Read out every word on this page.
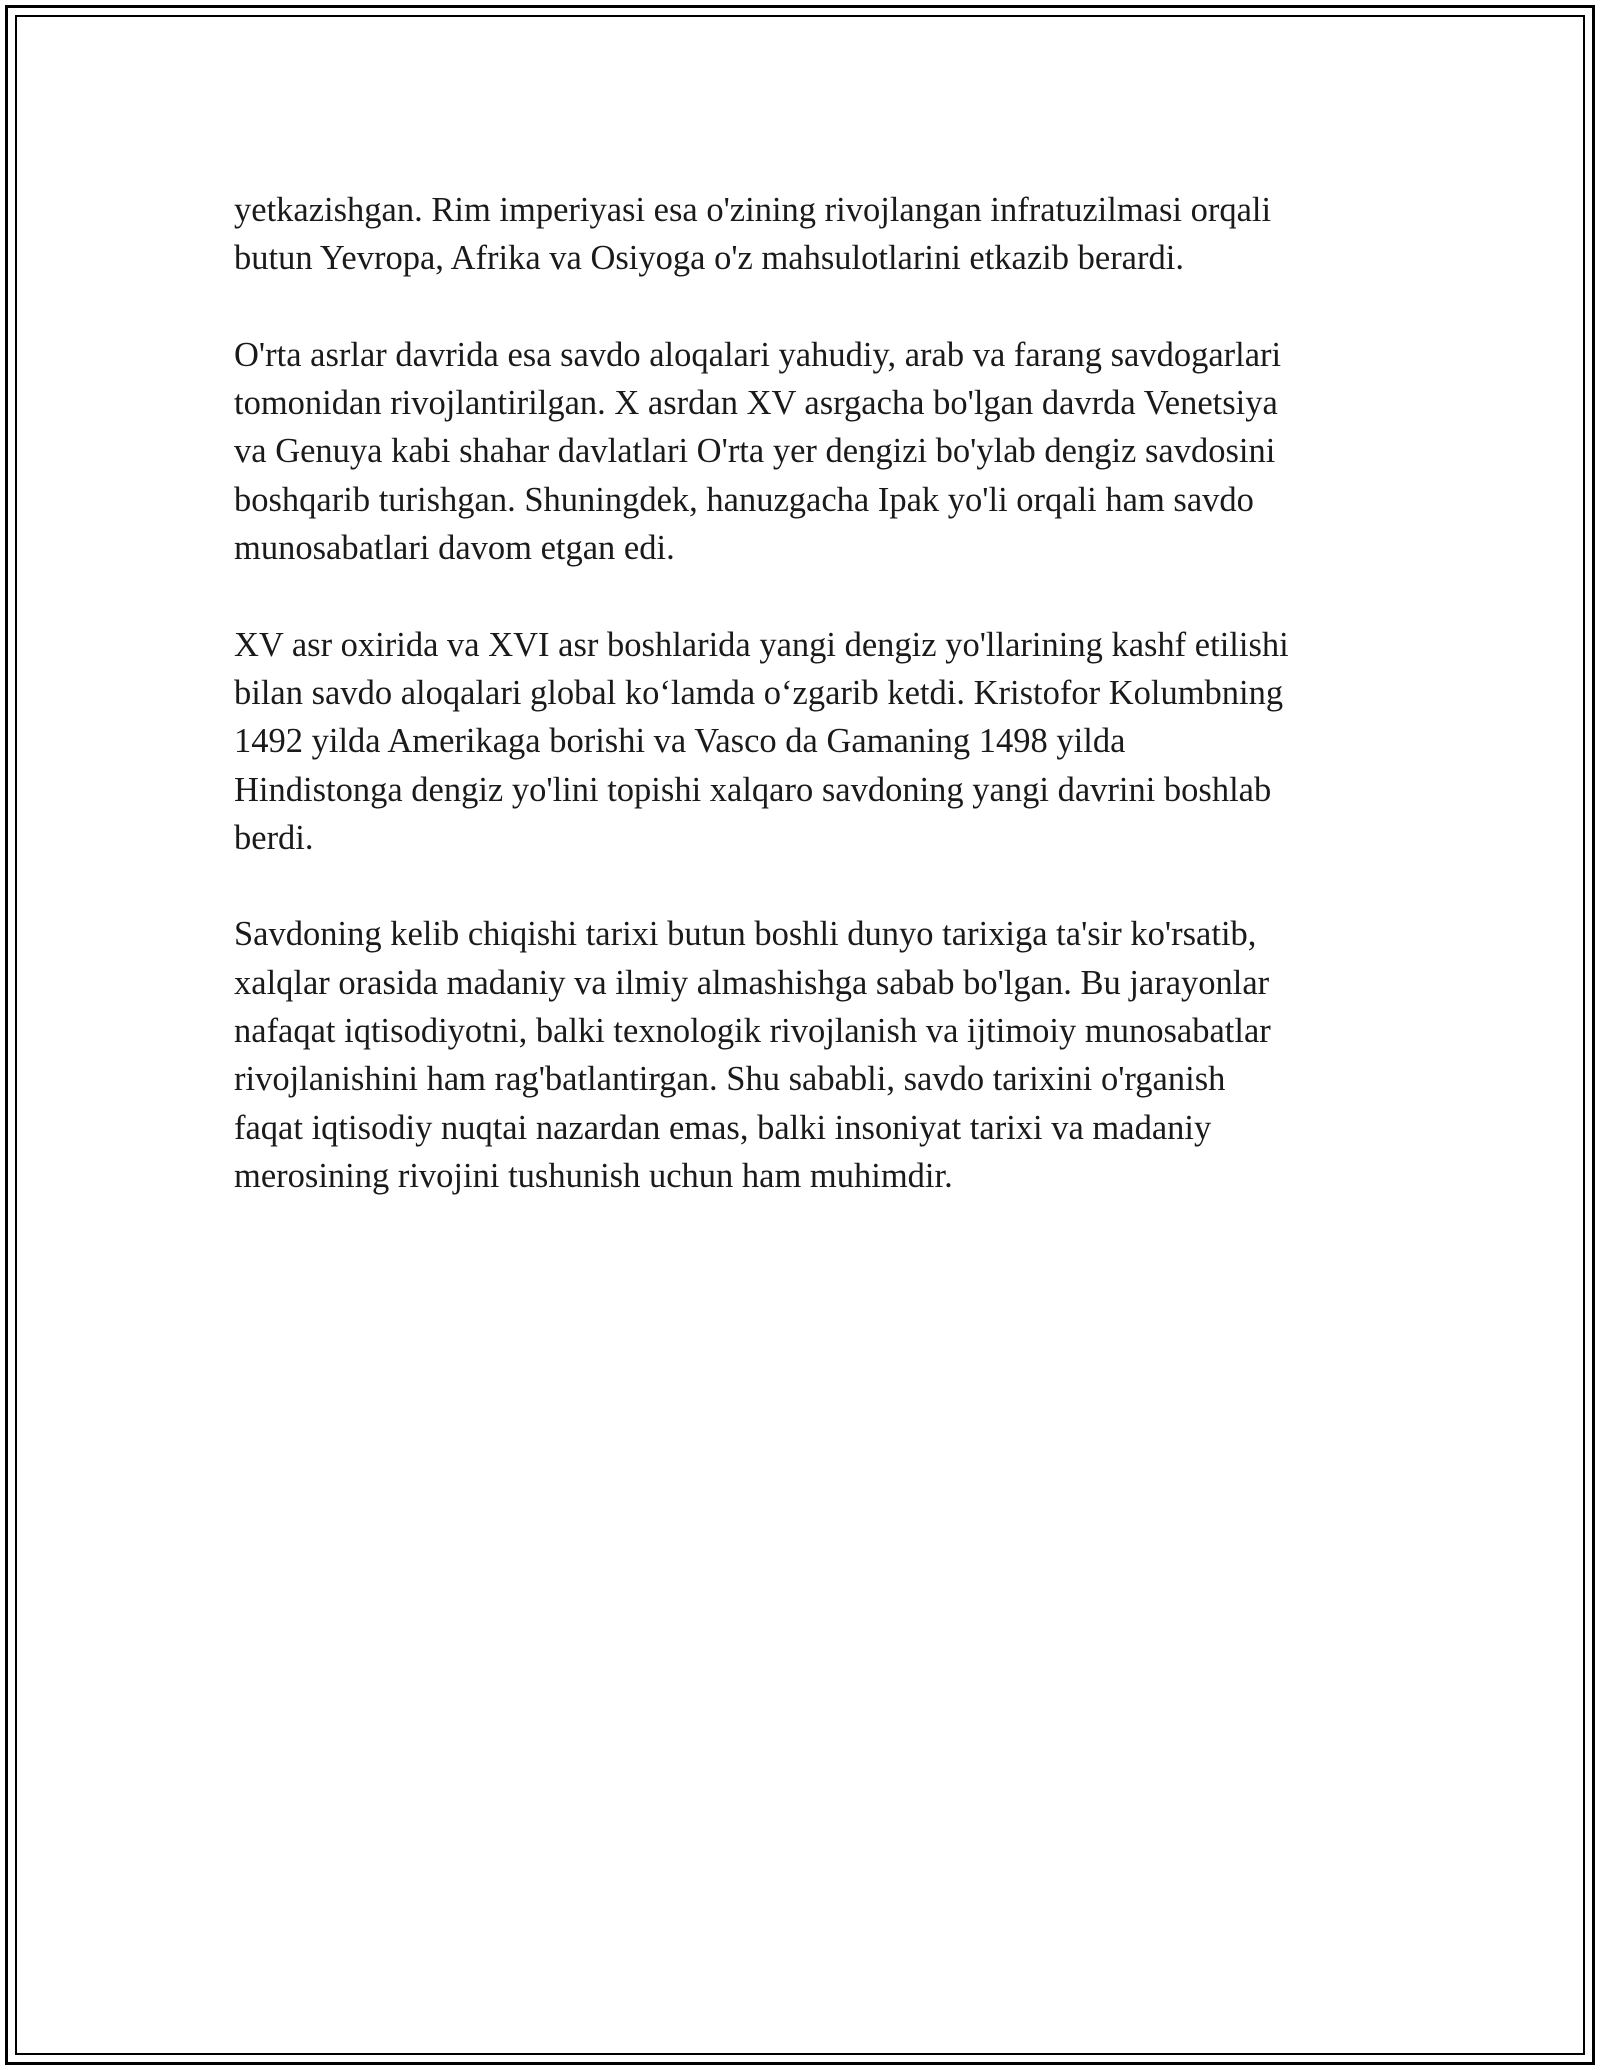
yetkazishgan. Rim imperiyasi esa o'zining rivojlangan infratuzilmasi orqali
butun Yevropa, Afrika va Osiyoga o'z mahsulotlarini etkazib berardi.

O'rta asrlar davrida esa savdo aloqalari yahudiy, arab va farang savdogarlari
tomonidan rivojlantirilgan. X asrdan XV asrgacha bo'lgan davrda Venetsiya
va Genuya kabi shahar davlatlari O'rta yer dengizi bo'ylab dengiz savdosini
boshqarib turishgan. Shuningdek, hanuzgacha Ipak yo'li orqali ham savdo
munosabatlari davom etgan edi.

XV asr oxirida va XVI asr boshlarida yangi dengiz yo'llarining kashf etilishi
bilan savdo aloqalari global koʻlamda oʻzgarib ketdi. Kristofor Kolumbning
1492 yilda Amerikaga borishi va Vasco da Gamaning 1498 yilda
Hindistonga dengiz yo'lini topishi xalqaro savdoning yangi davrini boshlab
berdi.

Savdoning kelib chiqishi tarixi butun boshli dunyo tarixiga ta'sir ko'rsatib,
xalqlar orasida madaniy va ilmiy almashishga sabab bo'lgan. Bu jarayonlar
nafaqat iqtisodiyotni, balki texnologik rivojlanish va ijtimoiy munosabatlar
rivojlanishini ham rag'batlantirgan. Shu sababli, savdo tarixini o'rganish
faqat iqtisodiy nuqtai nazardan emas, balki insoniyat tarixi va madaniy
merosining rivojini tushunish uchun ham muhimdir.
